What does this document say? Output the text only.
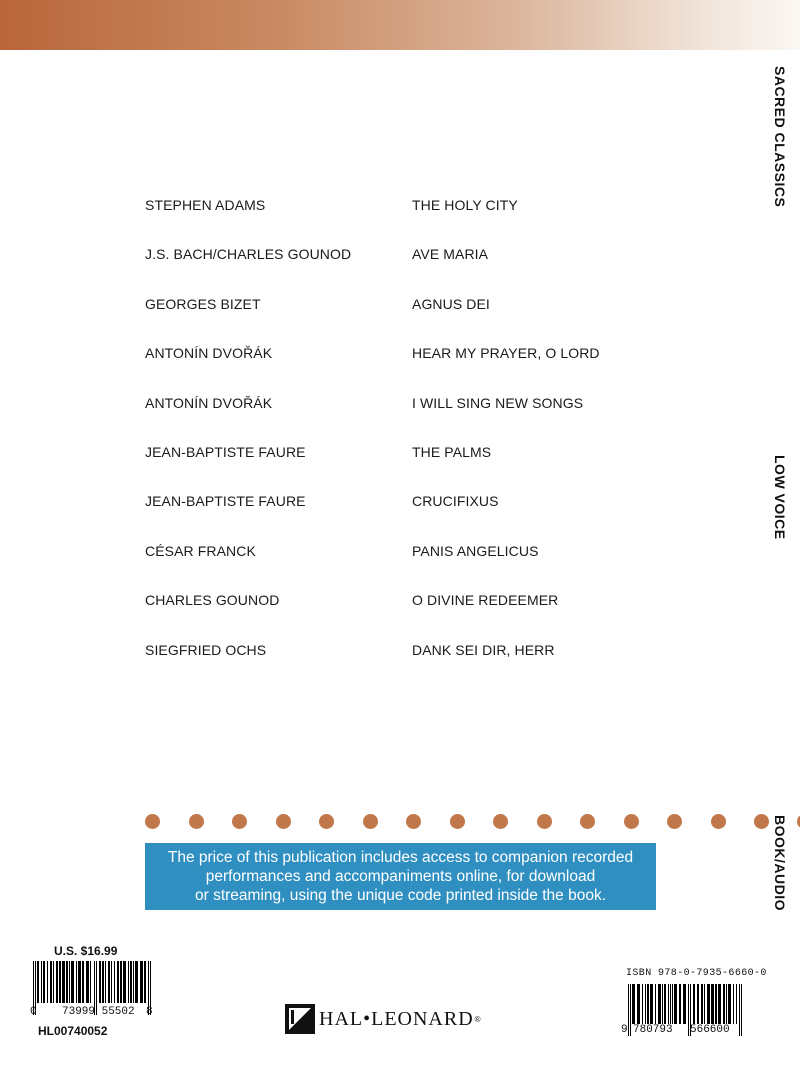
SACRED CLASSICS
LOW VOICE
BOOK/AUDIO
STEPHEN ADAMS	THE HOLY CITY
J.S. BACH/CHARLES GOUNOD	AVE MARIA
GEORGES BIZET	AGNUS DEI
ANTONÍN DVOŘÁK	HEAR MY PRAYER, O LORD
ANTONÍN DVOŘÁK	I WILL SING NEW SONGS
JEAN-BAPTISTE FAURE	THE PALMS
JEAN-BAPTISTE FAURE	CRUCIFIXUS
CÉSAR FRANCK	PANIS ANGELICUS
CHARLES GOUNOD	O DIVINE REDEEMER
SIEGFRIED OCHS	DANK SEI DIR, HERR
The price of this publication includes access to companion recorded
performances and accompaniments online, for download
or streaming, using the unique code printed inside the book.
U.S. $16.99
0 73999 55502 8
HL00740052
ISBN 978-0-7935-6660-0
9 780793 566600
HAL•LEONARD ®
